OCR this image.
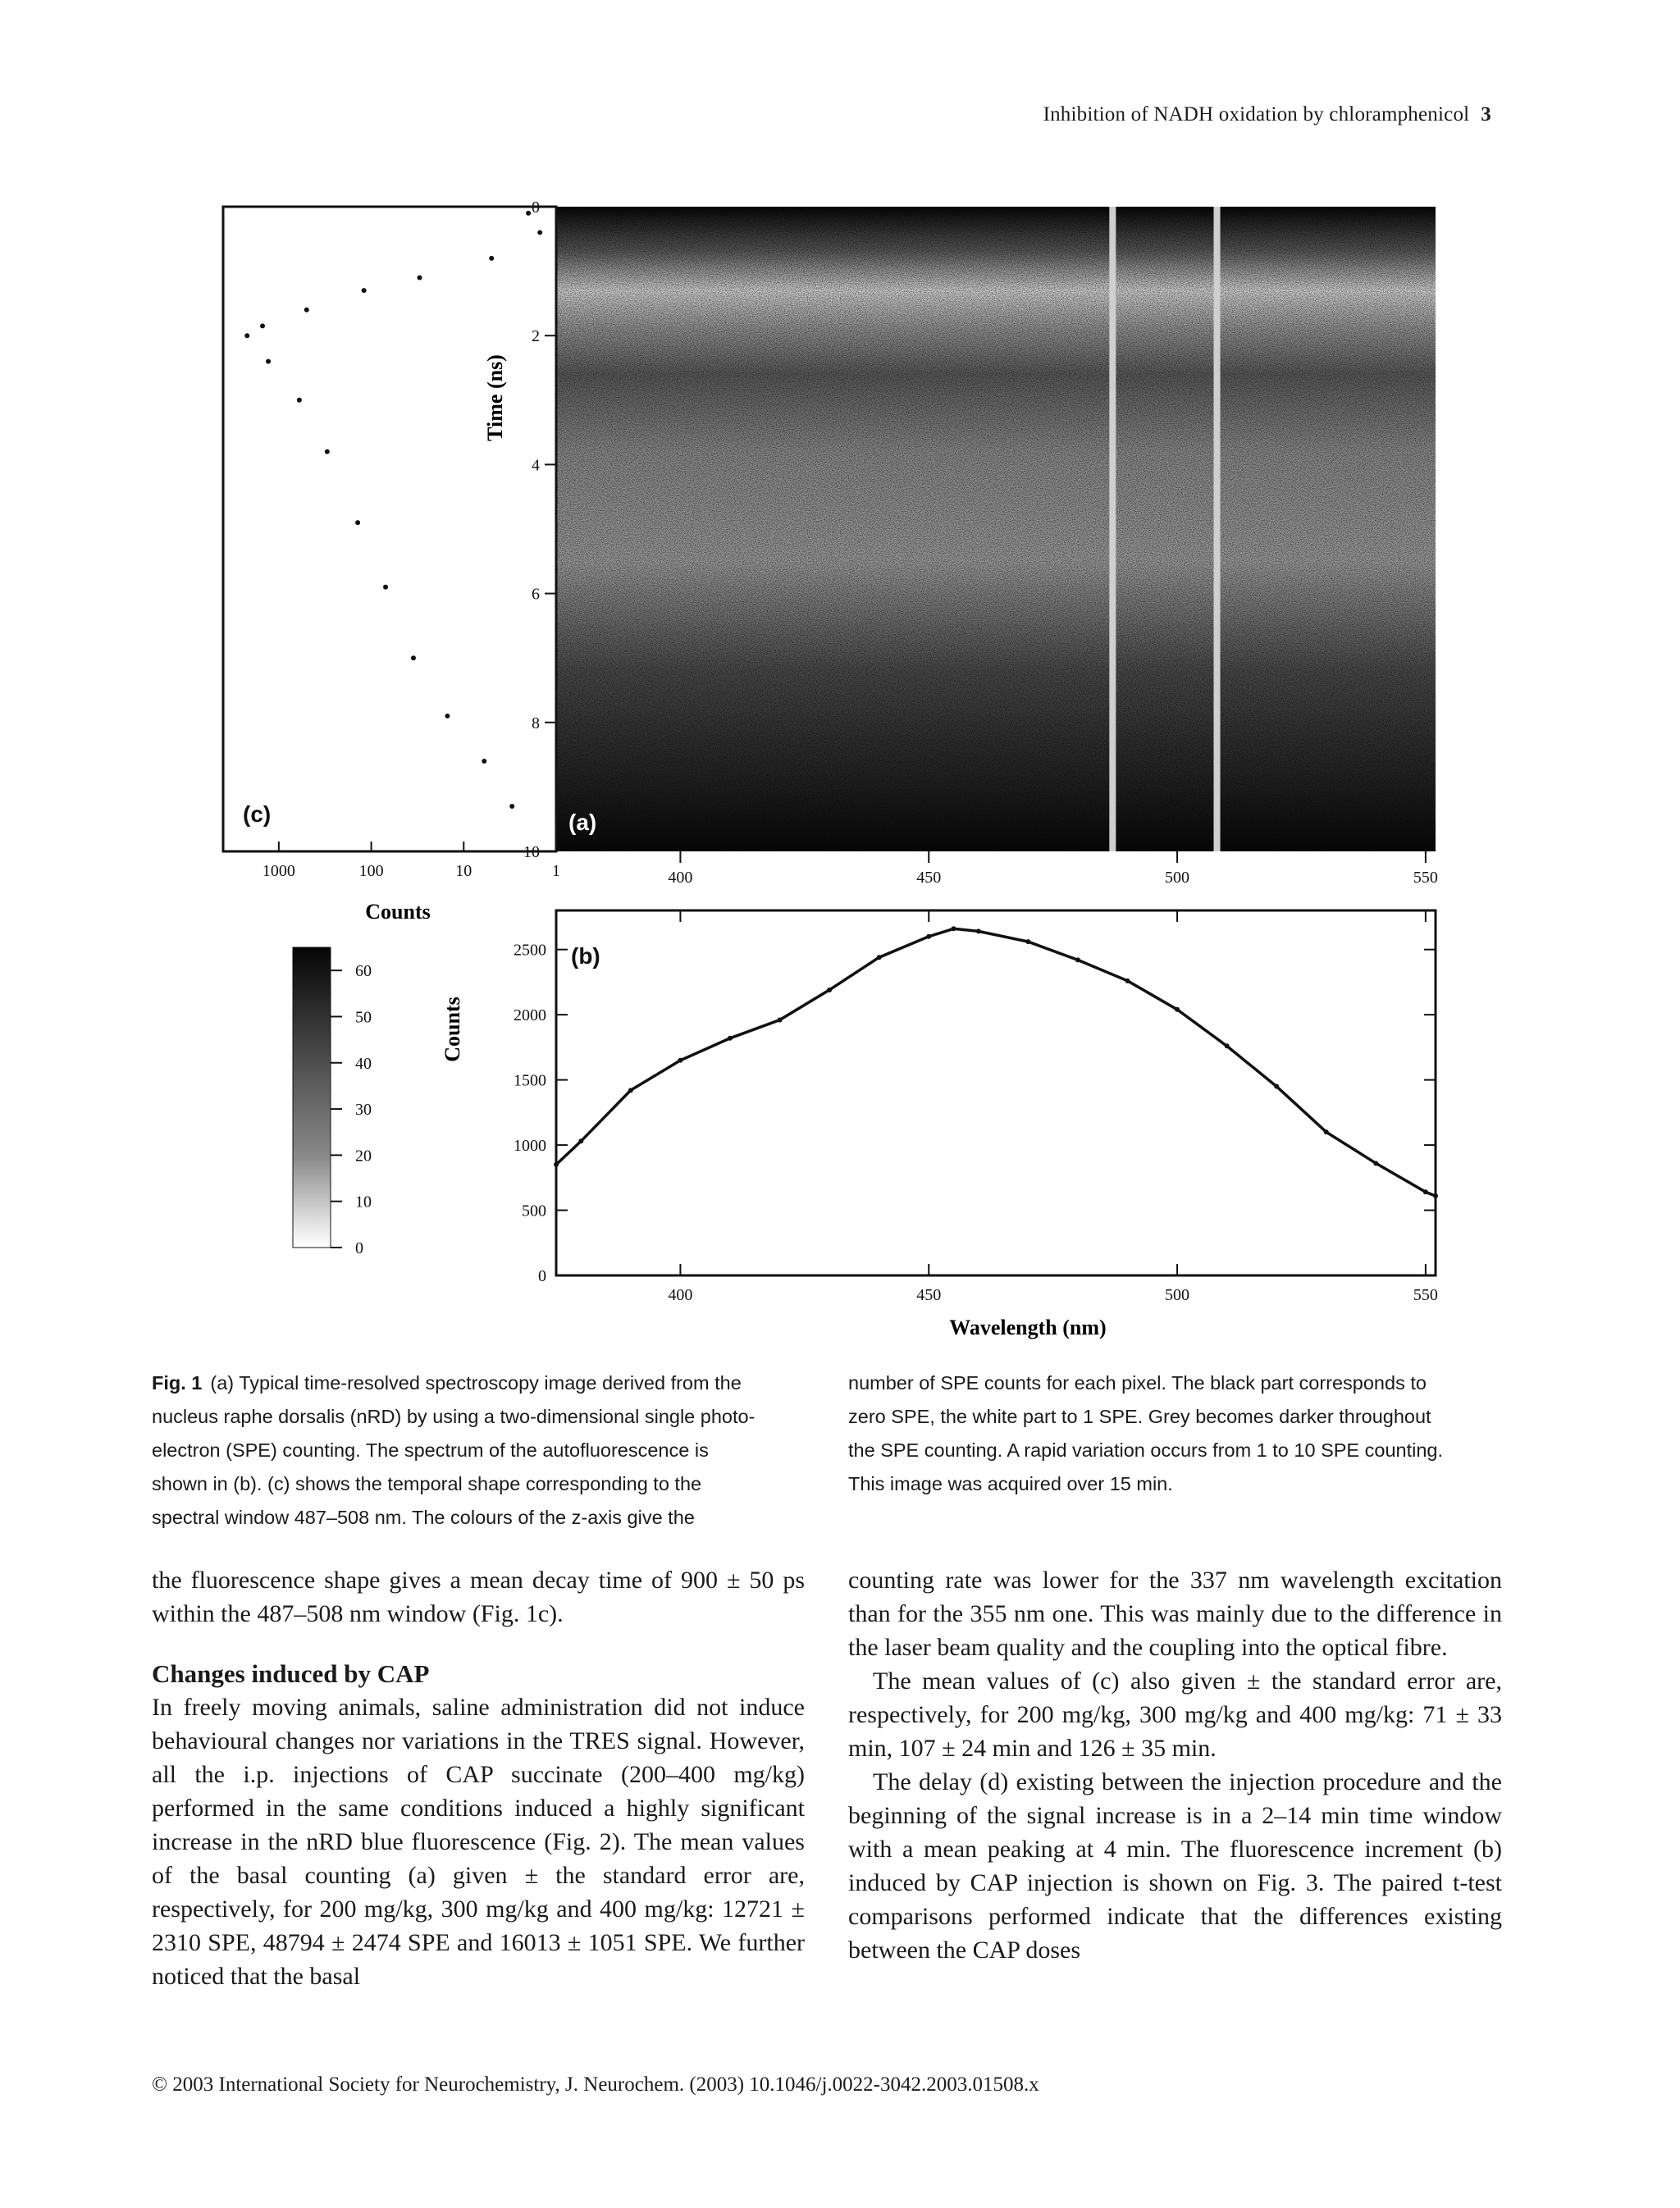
Inhibition of NADH oxidation by chloramphenicol 3
(a)
(c)
0
2
4
6
8
10
Time (ns)
1000	100	10	1
Counts
400	450	500	550
60
50
40
30
20
10
0
2500
2000
1500
1000
500
0
400	450	500	550
(b)
Counts
Wavelength (nm)
Fig. 1 (a) Typical time-resolved spectroscopy image derived from the
nucleus raphe dorsalis (nRD) by using a two-dimensional single photo-
electron (SPE) counting. The spectrum of the autofluorescence is
shown in (b). (c) shows the temporal shape corresponding to the
spectral window 487–508 nm. The colours of the z-axis give the
number of SPE counts for each pixel. The black part corresponds to
zero SPE, the white part to 1 SPE. Grey becomes darker throughout
the SPE counting. A rapid variation occurs from 1 to 10 SPE counting.
This image was acquired over 15 min.

the fluorescence shape gives a mean decay time of 900 ± 50 ps within the 487–508 nm window (Fig. 1c).

Changes induced by CAP

In freely moving animals, saline administration did not induce behavioural changes nor variations in the TRES signal. However, all the i.p. injections of CAP succinate (200–400 mg/kg) performed in the same conditions induced a highly significant increase in the nRD blue fluorescence (Fig. 2). The mean values of the basal counting (a) given ± the standard error are, respectively, for 200 mg/kg, 300 mg/kg and 400 mg/kg: 12721 ± 2310 SPE, 48794 ± 2474 SPE and 16013 ± 1051 SPE. We further noticed that the basal

counting rate was lower for the 337 nm wavelength excitation than for the 355 nm one. This was mainly due to the difference in the laser beam quality and the coupling into the optical fibre.

The mean values of (c) also given ± the standard error are, respectively, for 200 mg/kg, 300 mg/kg and 400 mg/kg: 71 ± 33 min, 107 ± 24 min and 126 ± 35 min.

The delay (d) existing between the injection procedure and the beginning of the signal increase is in a 2–14 min time window with a mean peaking at 4 min. The fluorescence increment (b) induced by CAP injection is shown on Fig. 3. The paired t-test comparisons performed indicate that the differences existing between the CAP doses

© 2003 International Society for Neurochemistry, J. Neurochem. (2003) 10.1046/j.0022-3042.2003.01508.x
